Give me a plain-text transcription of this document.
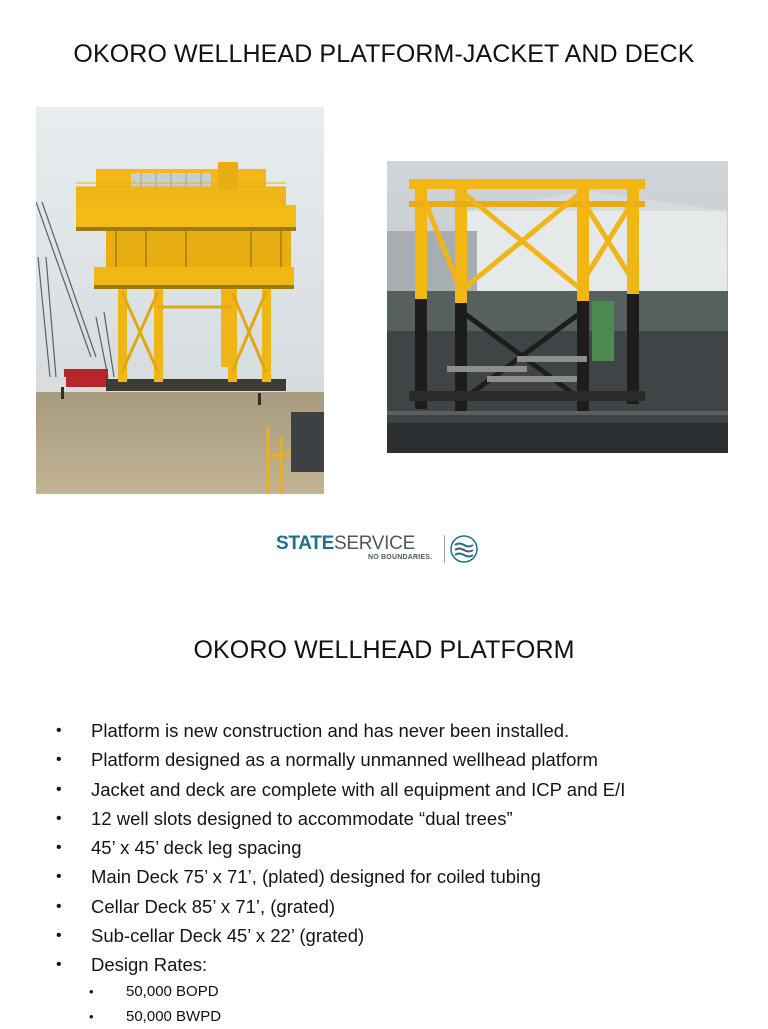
OKORO WELLHEAD PLATFORM-JACKET AND DECK
STATESERVICE
NO BOUNDARIES.
OKORO WELLHEAD PLATFORM
• Platform is new construction and has never been installed.
• Platform designed as a normally unmanned wellhead platform
• Jacket and deck are complete with all equipment and ICP and E/I
• 12 well slots designed to accommodate “dual trees”
• 45’ x 45’ deck leg spacing
• Main Deck 75’ x 71’, (plated) designed for coiled tubing
• Cellar Deck 85’ x 71’, (grated)
• Sub-cellar Deck 45’ x 22’ (grated)
• Design Rates:
• 50,000 BOPD
• 50,000 BWPD
